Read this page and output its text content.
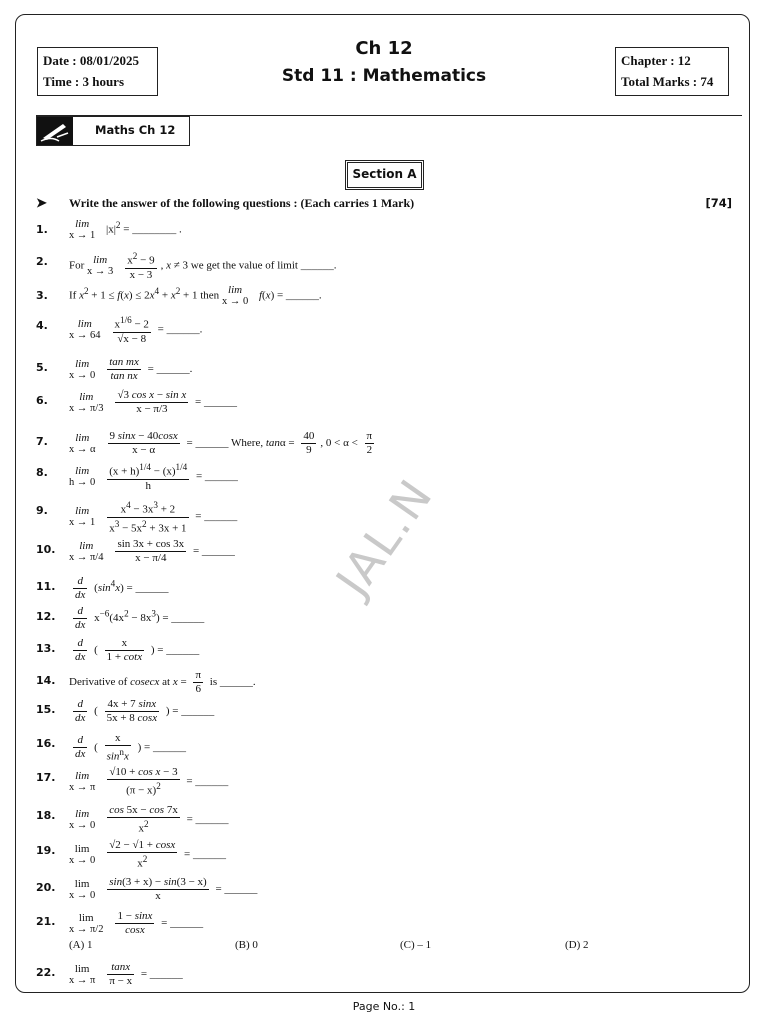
Date : 08/01/2025
Time : 3 hours
Ch 12
Std 11 : Mathematics
Chapter : 12
Total Marks : 74
Maths Ch 12
Section A
➤ Write the answer of the following questions : (Each carries 1 Mark)	[74]
JAL.N
1.	lim
x → 1 $|x|^2$ = ________ .
2. For lim
$x \to 3 \frac{x^2 - 9}{x - 3}$ , x ≠ 3 we get the value of limit ______.
3. If $x^2 + 1 \le f(x) \le 2x^4 + x^2 + 1$ then lim
x → 0 f(x) = ______.
4.	lim
$x \to 64 \frac{x^{1/6} - 2}{√x - 8}$ = ______.
5.	lim
$x \to 0 \frac{\text{tan mx}}{\text{tan nx}}$ = ______.
6.	lim
$x \to \pi/3 \frac{\text{√3 cos x − sin x}}{x - \pi/3}$ = ______
7.	lim
x → α $\frac{9 \sin x - 40\cos x}{x - \alpha}$ = ______ Where, $\tan\alpha = \frac{40}{9}$ , $0 < \alpha < \frac{\pi}{2}$
8.	lim
$h \to 0 \frac{(x + h)^{1/4} - (x)^{1/4}}{h}$ = ______
9.	lim
$x \to 1 \frac{x^4 - 3x^3 + 2}{x^3 - 5x^2 + 3x + 1}$ = ______
10.	lim
$x \to \pi/4 \frac{\sin 3x + \cos 3x}{x - \pi/4}$ = ______
11. $\frac{d}{dx} (\sin^4x)$ = ______
12. $\frac{d}{dx} x^{-6}(4x^2 - 8x^3)$ = ______
13. $\frac{d}{dx}$ ( $\frac{x}{1 + \cot x}$ ) = ______
14. Derivative of cosecx at $x = \frac{\pi}{6}$ is ______.
15. $\frac{d}{dx}$ ( $\frac{4x + 7 \sin x}{5x + 8 \cos x}$ ) = ______
16. $\frac{d}{dx}$ ( $\frac{x}{\sin^nx}$ ) = ______
17.	lim
x → π $\frac{\text{√10 + cos x − 3}}{(\pi - x)^2}$ = ______
18.	lim
$x \to 0 \frac{\cos 5x - \cos 7x}{x^2}$ = ______
19.	lim
$x \to 0 \frac{√2 - √1 + \cos x}{x^2}$ = ______
20.	lim
$x \to 0 \frac{\sin(3 + x) - \sin(3 - x)}{x}$ = ______
21.	lim
$x \to \pi/2 \frac{1 - \sin x}{\cos x}$ = ______
(A) 1	(B) 0	(C) – 1	(D) 2
22.	lim
x → π $\frac{\tan x}{\pi - x}$ = ______
Page No.: 1
